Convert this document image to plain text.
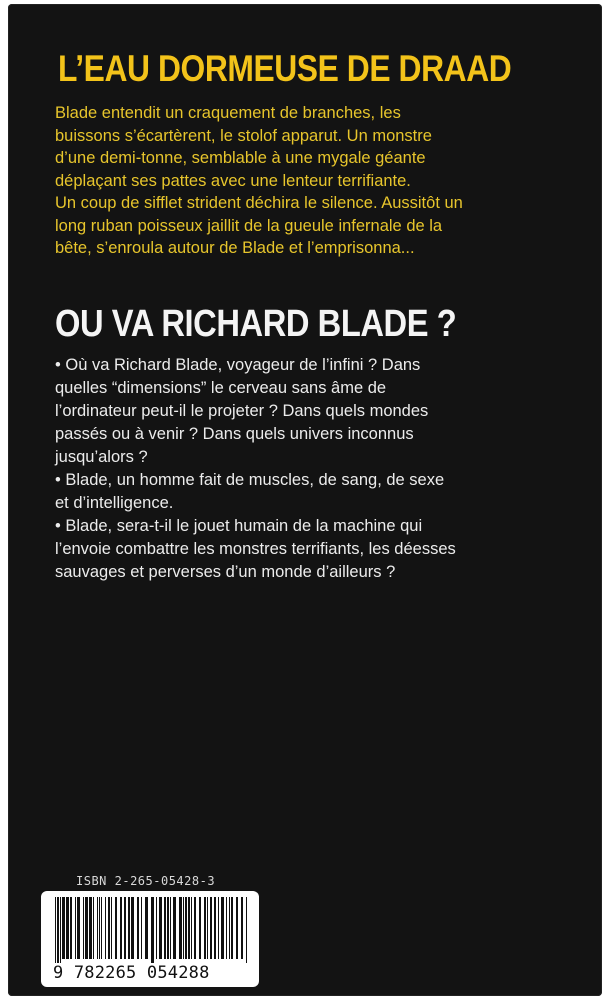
L’EAU DORMEUSE DE DRAAD

Blade entendit un craquement de branches, les
buissons s’écartèrent, le stolof apparut. Un monstre
d’une demi-tonne, semblable à une mygale géante
déplaçant ses pattes avec une lenteur terrifiante.
Un coup de sifflet strident déchira le silence. Aussitôt un
long ruban poisseux jaillit de la gueule infernale de la
bête, s’enroula autour de Blade et l’emprisonna...

OU VA RICHARD BLADE ?
• Où va Richard Blade, voyageur de l’infini ? Dans
quelles “dimensions” le cerveau sans âme de
l’ordinateur peut-il le projeter ? Dans quels mondes
passés ou à venir ? Dans quels univers inconnus
jusqu’alors ?
• Blade, un homme fait de muscles, de sang, de sexe
et d’intelligence.
• Blade, sera-t-il le jouet humain de la machine qui
l’envoie combattre les monstres terrifiants, les déesses
sauvages et perverses d’un monde d’ailleurs ?
ISBN 2-265-05428-3
9 782265 054288
